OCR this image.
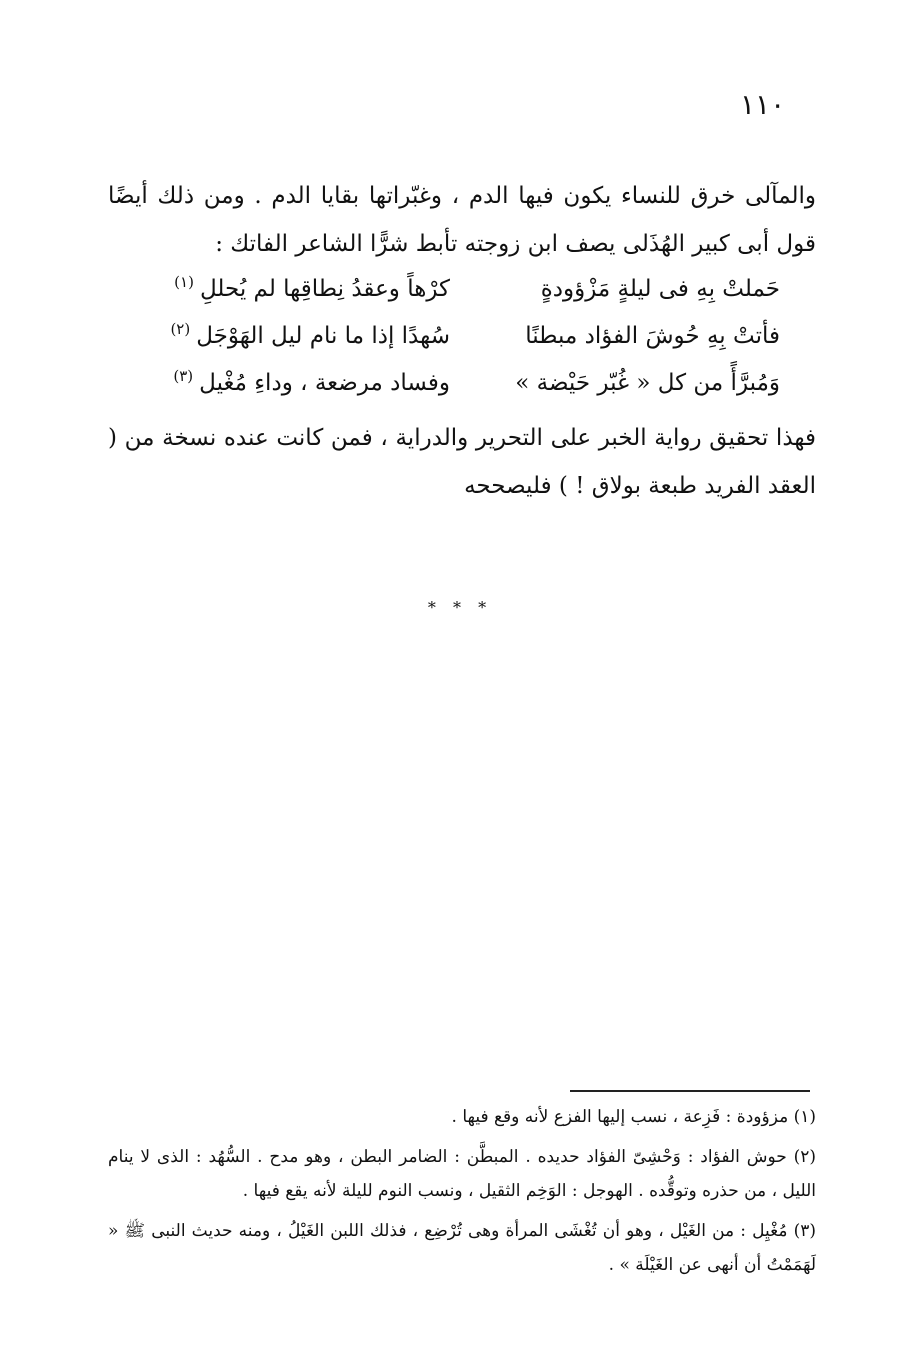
١١٠

والمآلى خرق للنساء يكون فيها الدم ، وغبّراتها بقايا الدم . ومن ذلك أيضًا قول أبى كبير الهُذَلى يصف ابن زوجته تأبط شرًّا الشاعر الفاتك :

حَملتْ بِهِ فى ليلةٍ مَزْؤودةٍ
كرْهاً وعقدُ نِطاقِها لم يُحللِ$^{(١)}$
فأتتْ بِهِ حُوشَ الفؤاد مبطنًا
سُهدًا إذا ما نام ليل الهَوْجَل$^{(٢)}$
وَمُبرَّأً من كل « غُبّر حَيْضة »
وفساد مرضعة ، وداءِ مُغْيل$^{(٣)}$

فهذا تحقيق رواية الخبر على التحرير والدراية ، فمن كانت عنده نسخة من ( العقد الفريد طبعة بولاق ! ) فليصححه

* * *

(١) مزؤودة : فَزِعة ، نسب إليها الفزع لأنه وقع فيها .

(٢) حوش الفؤاد : وَحْشِىّ الفؤاد حديده . المبطَّن : الضامر البطن ، وهو مدح . السُّهُد : الذى لا ينام الليل ، من حذره وتوقُّده . الهوجل : الوَخِم الثقيل ، ونسب النوم لليلة لأنه يقع فيها .

(٣) مُغْيِل : من الغَيْل ، وهو أن تُغْشَى المرأة وهى تُرْضِع ، فذلك اللبن الغَيْلُ ، ومنه حديث النبى ﷺ « لَهَمَمْتُ أن أنهى عن الغَيْلَة » .
